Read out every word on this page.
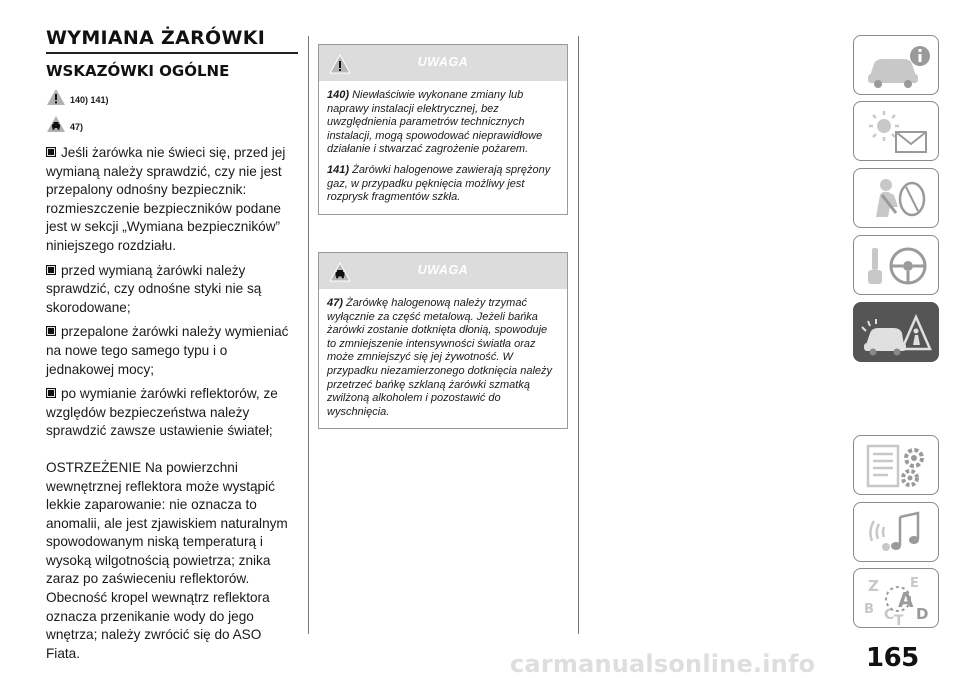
WYMIANA ŻARÓWKI
WSKAZÓWKI OGÓLNE
140) 141)
47)

Jeśli żarówka nie świeci się, przed jej wymianą należy sprawdzić, czy nie jest przepalony odnośny bezpiecznik: rozmieszczenie bezpieczników podane jest w sekcji „Wymiana bezpieczników” niniejszego rozdziału.

przed wymianą żarówki należy sprawdzić, czy odnośne styki nie są skorodowane;

przepalone żarówki należy wymieniać na nowe tego samego typu i o jednakowej mocy;

po wymianie żarówki reflektorów, ze względów bezpieczeństwa należy sprawdzić zawsze ustawienie świateł;

OSTRZEŻENIE Na powierzchni wewnętrznej reflektora może wystąpić lekkie zaparowanie: nie oznacza to anomalii, ale jest zjawiskiem naturalnym spowodowanym niską temperaturą i wysoką wilgotnością powietrza; znika zaraz po zaświeceniu reflektorów. Obecność kropel wewnątrz reflektora oznacza przenikanie wody do jego wnętrza; należy zwrócić się do ASO Fiata.

UWAGA

140) Niewłaściwie wykonane zmiany lub naprawy instalacji elektrycznej, bez uwzględnienia parametrów technicznych instalacji, mogą spowodować nieprawidłowe działanie i stwarzać zagrożenie pożarem.

141) Żarówki halogenowe zawierają sprężony gaz, w przypadku pęknięcia możliwy jest rozprysk fragmentów szkła.

UWAGA

47) Żarówkę halogenową należy trzymać wyłącznie za część metalową. Jeżeli bańka żarówki zostanie dotknięta dłonią, spowoduje to zmniejszenie intensywności światła oraz może zmniejszyć się jej żywotność. W przypadku niezamierzonego dotknięcia należy przetrzeć bańkę szklaną żarówki szmatką zwilżoną alkoholem i pozostawić do wyschnięcia.

Z E
B A
C T D
carmanualsonline.info 165
